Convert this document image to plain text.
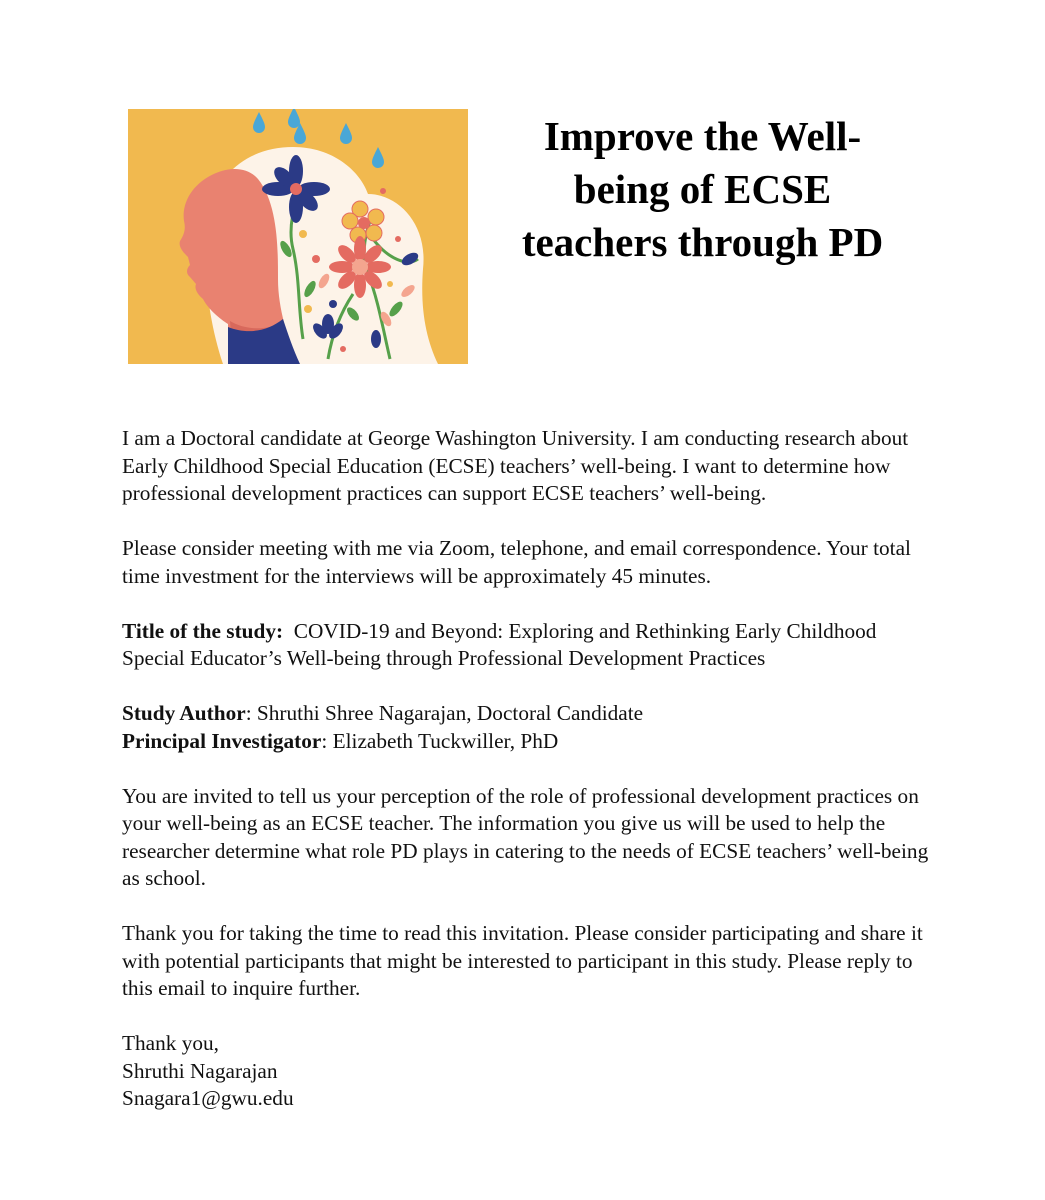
Improve the Well-
being of ECSE
teachers through PD

I am a Doctoral candidate at George Washington University. I am conducting research about Early Childhood Special Education (ECSE) teachers’ well-being. I want to determine how professional development practices can support ECSE teachers’ well-being.

Please consider meeting with me via Zoom, telephone, and email correspondence. Your total time investment for the interviews will be approximately 45 minutes.

Title of the study: COVID-19 and Beyond: Exploring and Rethinking Early Childhood Special Educator’s Well-being through Professional Development Practices

Study Author: Shruthi Shree Nagarajan, Doctoral Candidate

Principal Investigator: Elizabeth Tuckwiller, PhD

You are invited to tell us your perception of the role of professional development practices on your well-being as an ECSE teacher. The information you give us will be used to help the researcher determine what role PD plays in catering to the needs of ECSE teachers’ well-being as school.

Thank you for taking the time to read this invitation. Please consider participating and share it with potential participants that might be interested to participant in this study. Please reply to this email to inquire further.

Thank you,

Shruthi Nagarajan

Snagara1@gwu.edu
